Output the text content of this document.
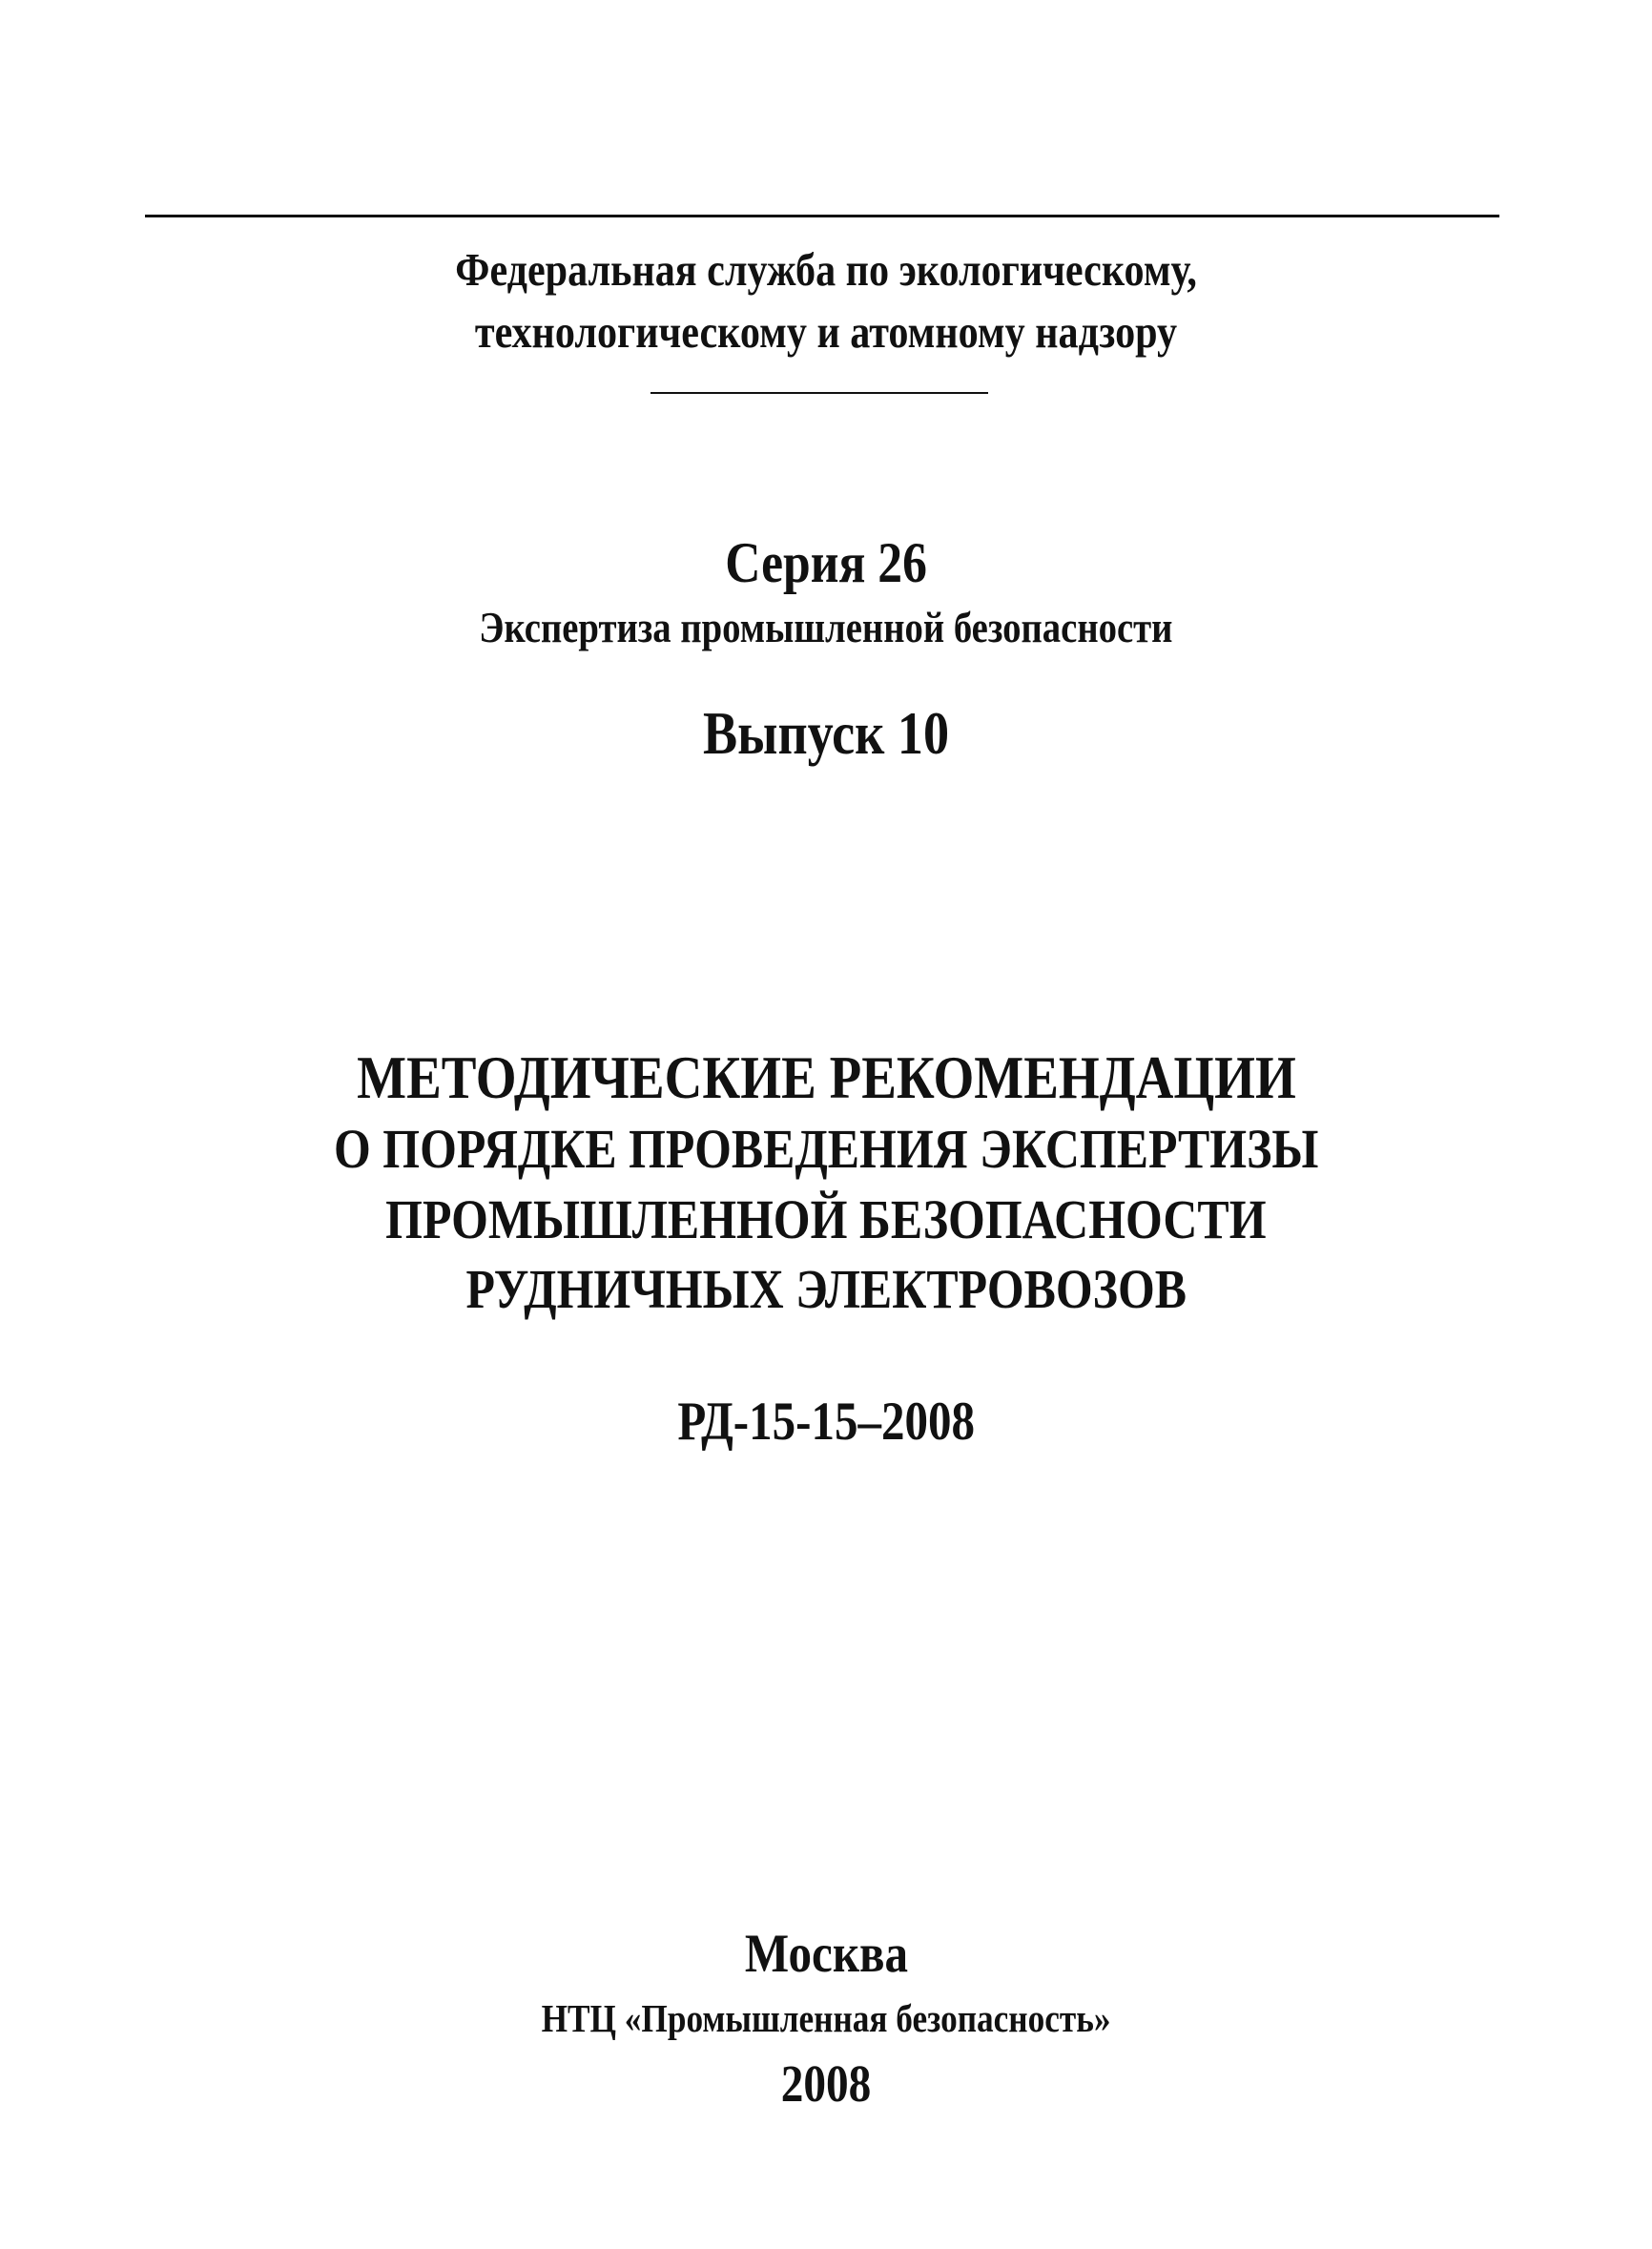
Федеральная служба по экологическому,
технологическому и атомному надзору
Серия 26
Экспертиза промышленной безопасности
Выпуск 10
МЕТОДИЧЕСКИЕ РЕКОМЕНДАЦИИ
О ПОРЯДКЕ ПРОВЕДЕНИЯ ЭКСПЕРТИЗЫ
ПРОМЫШЛЕННОЙ БЕЗОПАСНОСТИ
РУДНИЧНЫХ ЭЛЕКТРОВОЗОВ
РД-15-15–2008
Москва
НТЦ «Промышленная безопасность»
2008
